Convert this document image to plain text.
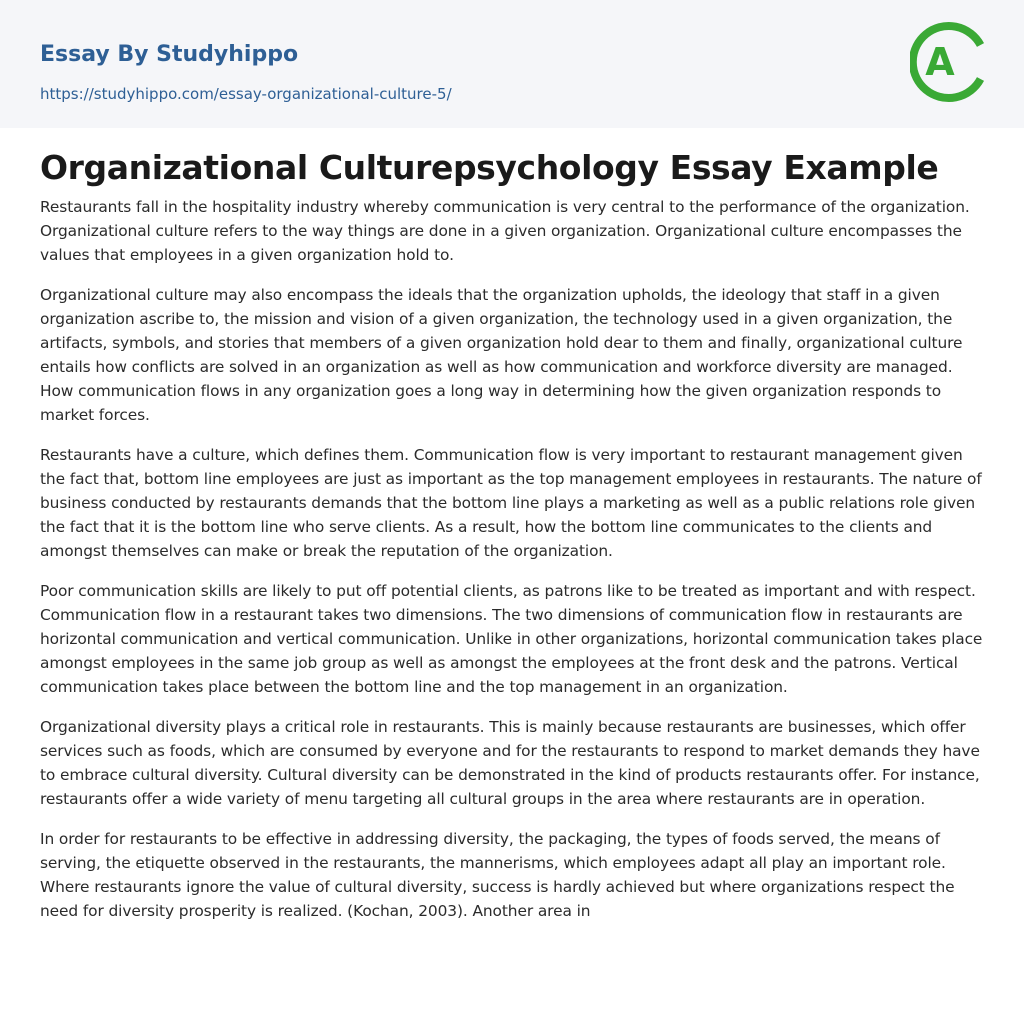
Essay By Studyhippo
https://studyhippo.com/essay-organizational-culture-5/
A
Organizational Culturepsychology Essay Example

Restaurants fall in the hospitality industry whereby communication is very central to the performance of the organization. Organizational culture refers to the way things are done in a given organization. Organizational culture encompasses the values that employees in a given organization hold to.

Organizational culture may also encompass the ideals that the organization upholds, the ideology that staff in a given organization ascribe to, the mission and vision of a given organization, the technology used in a given organization, the artifacts, symbols, and stories that members of a given organization hold dear to them and finally, organizational culture entails how conflicts are solved in an organization as well as how communication and workforce diversity are managed. How communication flows in any organization goes a long way in determining how the given organization responds to market forces.

Restaurants have a culture, which defines them. Communication flow is very important to restaurant management given the fact that, bottom line employees are just as important as the top management employees in restaurants. The nature of business conducted by restaurants demands that the bottom line plays a marketing as well as a public relations role given the fact that it is the bottom line who serve clients. As a result, how the bottom line communicates to the clients and amongst themselves can make or break the reputation of the organization.

Poor communication skills are likely to put off potential clients, as patrons like to be treated as important and with respect. Communication flow in a restaurant takes two dimensions. The two dimensions of communication flow in restaurants are horizontal communication and vertical communication. Unlike in other organizations, horizontal communication takes place amongst employees in the same job group as well as amongst the employees at the front desk and the patrons. Vertical communication takes place between the bottom line and the top management in an organization.

Organizational diversity plays a critical role in restaurants. This is mainly because restaurants are businesses, which offer services such as foods, which are consumed by everyone and for the restaurants to respond to market demands they have to embrace cultural diversity. Cultural diversity can be demonstrated in the kind of products restaurants offer. For instance, restaurants offer a wide variety of menu targeting all cultural groups in the area where restaurants are in operation.

In order for restaurants to be effective in addressing diversity, the packaging, the types of foods served, the means of serving, the etiquette observed in the restaurants, the mannerisms, which employees adapt all play an important role. Where restaurants ignore the value of cultural diversity, success is hardly achieved but where organizations respect the need for diversity prosperity is realized. (Kochan, 2003). Another area in
